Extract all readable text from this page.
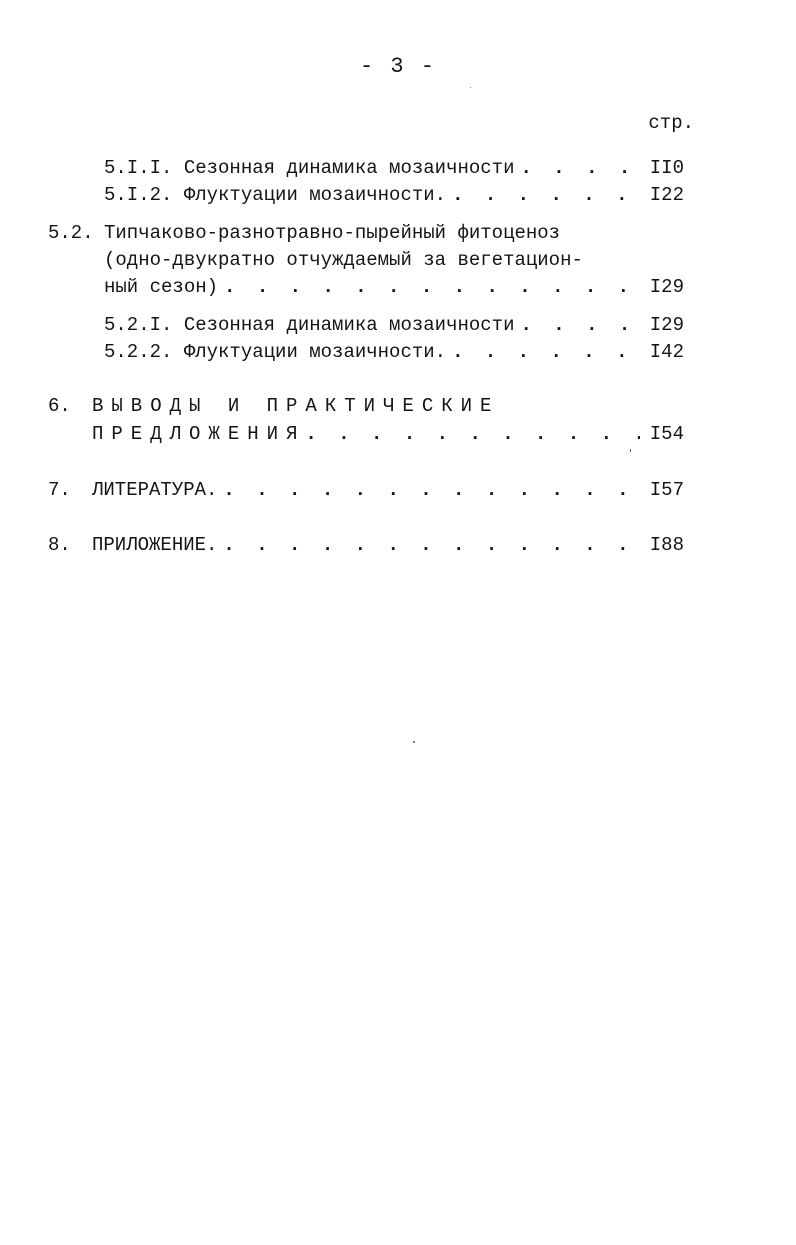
- 3 -
стр.
5.I.I. Сезонная динамика мозаичности . . .	II0
5.I.2. Флуктуации мозаичности. . . .	I22
5.2. Типчаково-разнотравно-пырейный фитоценоз
(одно-двукратно отчуждаемый за вегетацион-
ный сезон) . . .	I29
5.2.I. Сезонная динамика мозаичности . . .	I29
5.2.2. Флуктуации мозаичности. . . .	I42
6. ВЫВОДЫ И ПРАКТИЧЕСКИЕ
ПРЕДЛОЖЕНИЯ . . .	I54
7. ЛИТЕРАТУРА. . . .	I57
8. ПРИЛОЖЕНИЕ. . . .	I88
